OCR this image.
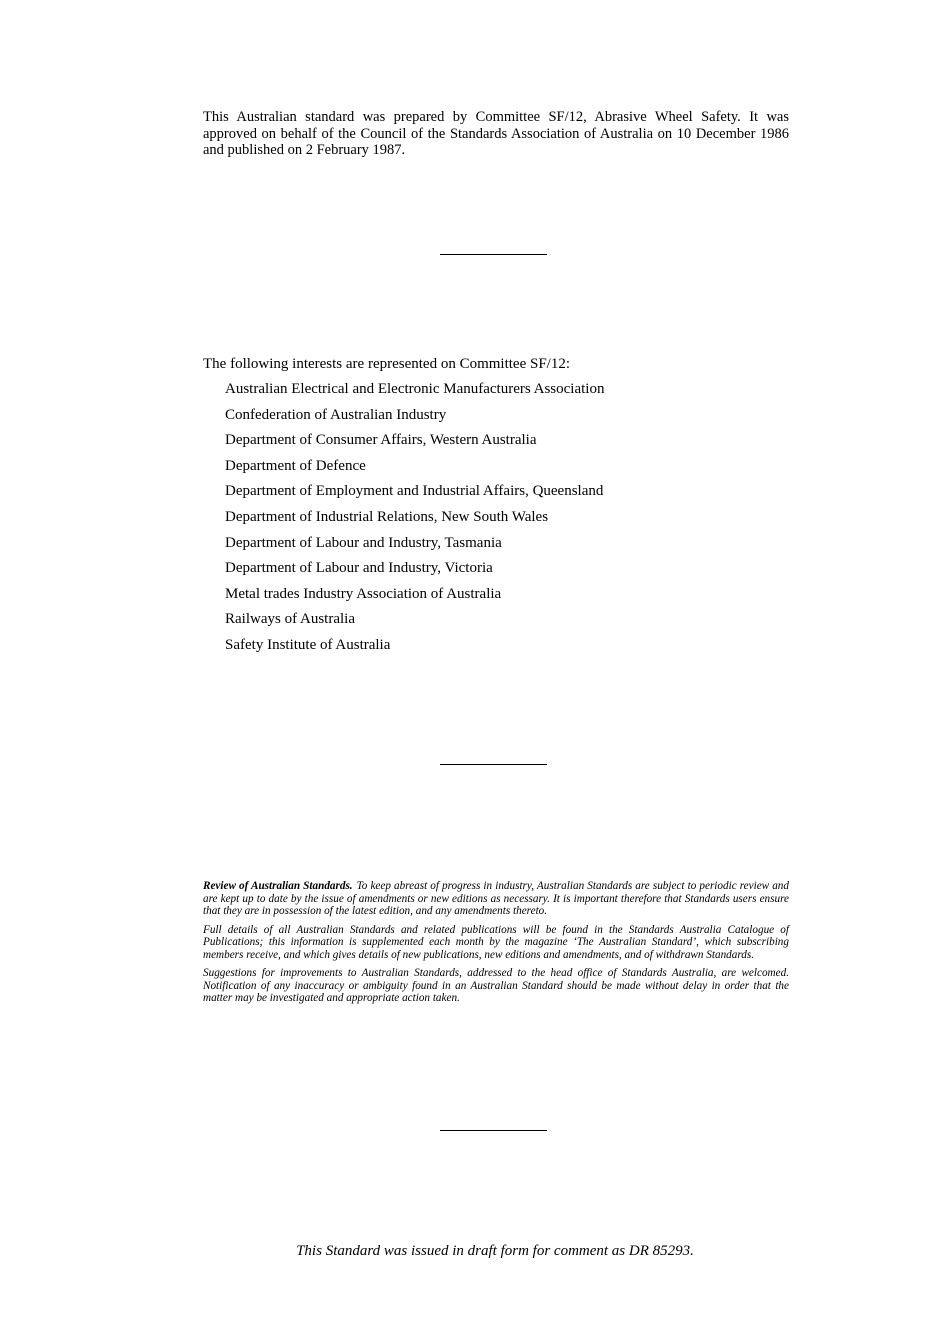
This Australian standard was prepared by Committee SF/12, Abrasive Wheel Safety. It was approved on behalf of the Council of the Standards Association of Australia on 10 December 1986 and published on 2 February 1987.

The following interests are represented on Committee SF/12:

Australian Electrical and Electronic Manufacturers Association
Confederation of Australian Industry
Department of Consumer Affairs, Western Australia
Department of Defence
Department of Employment and Industrial Affairs, Queensland
Department of Industrial Relations, New South Wales
Department of Labour and Industry, Tasmania
Department of Labour and Industry, Victoria
Metal trades Industry Association of Australia
Railways of Australia
Safety Institute of Australia

Review of Australian Standards. To keep abreast of progress in industry, Australian Standards are subject to periodic review and are kept up to date by the issue of amendments or new editions as necessary. It is important therefore that Standards users ensure that they are in possession of the latest edition, and any amendments thereto.

Full details of all Australian Standards and related publications will be found in the Standards Australia Catalogue of Publications; this information is supplemented each month by the magazine ‘The Australian Standard’, which subscribing members receive, and which gives details of new publications, new editions and amendments, and of withdrawn Standards.

Suggestions for improvements to Australian Standards, addressed to the head office of Standards Australia, are welcomed. Notification of any inaccuracy or ambiguity found in an Australian Standard should be made without delay in order that the matter may be investigated and appropriate action taken.

This Standard was issued in draft form for comment as DR 85293.
